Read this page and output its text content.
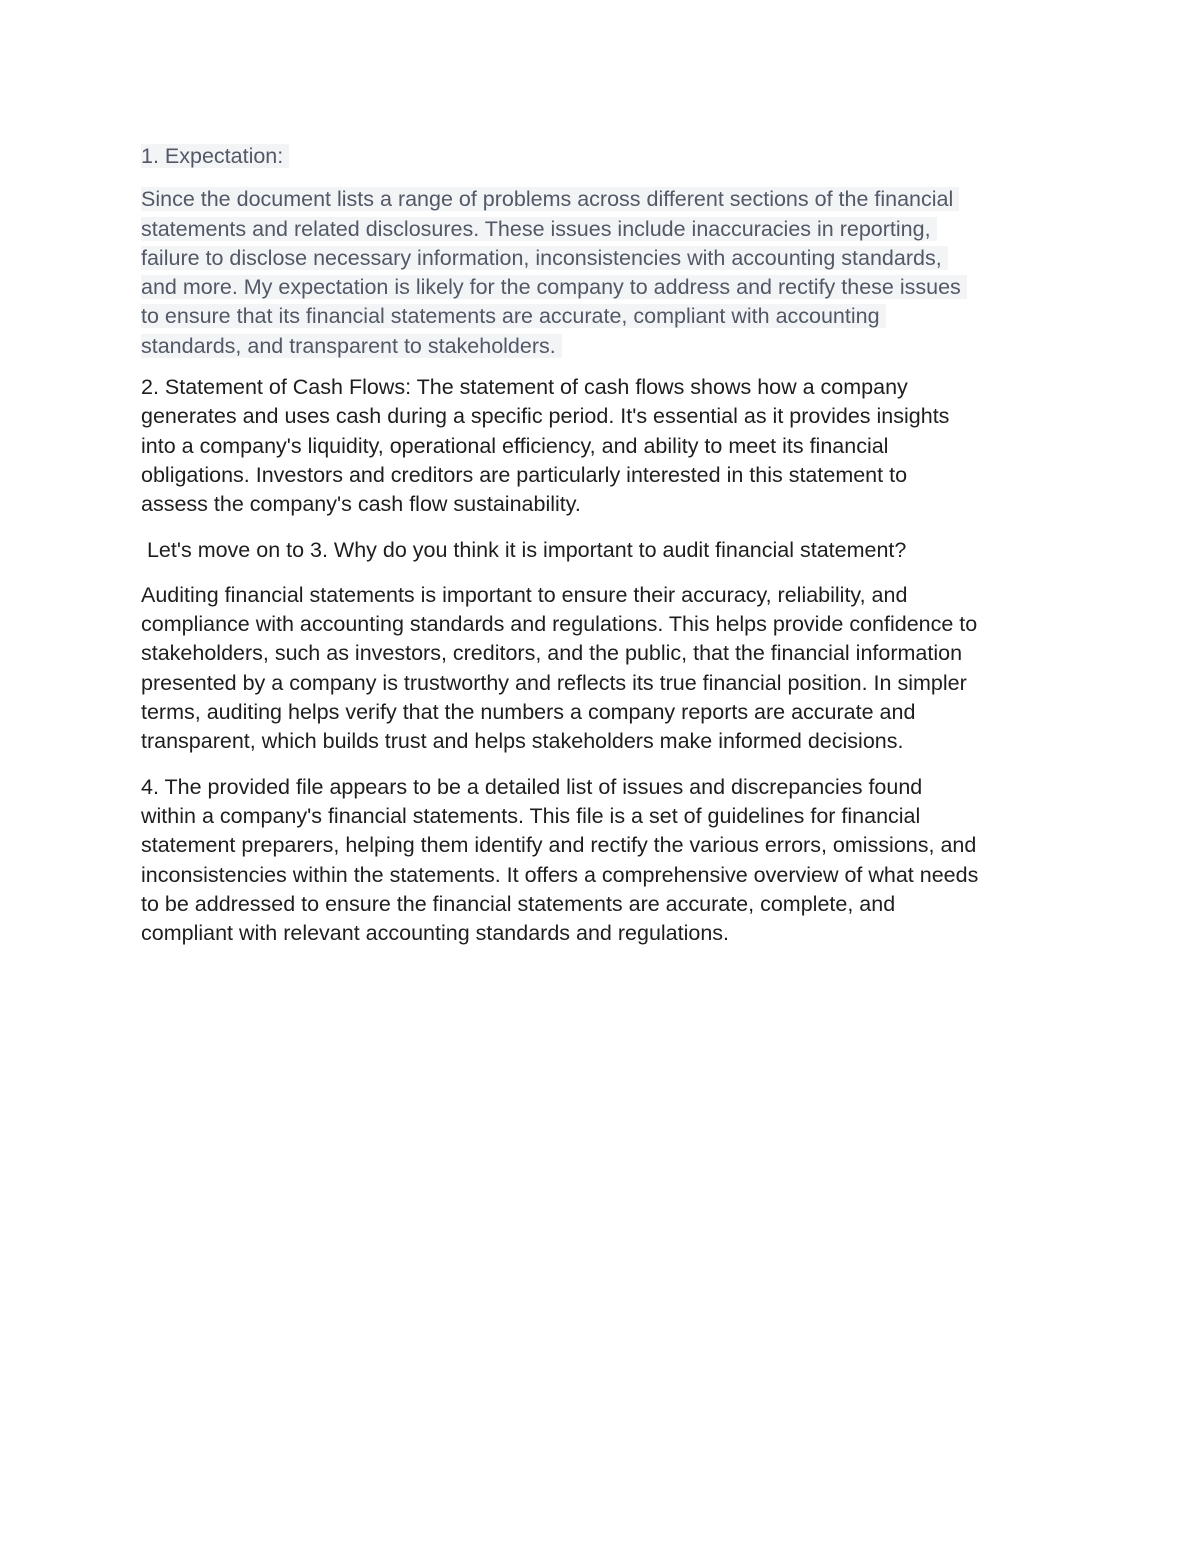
1. Expectation:
Since the document lists a range of problems across different sections of the financial
statements and related disclosures. These issues include inaccuracies in reporting,
failure to disclose necessary information, inconsistencies with accounting standards,
and more. My expectation is likely for the company to address and rectify these issues
to ensure that its financial statements are accurate, compliant with accounting
standards, and transparent to stakeholders.
2. Statement of Cash Flows: The statement of cash flows shows how a company
generates and uses cash during a specific period. It's essential as it provides insights
into a company's liquidity, operational efficiency, and ability to meet its financial
obligations. Investors and creditors are particularly interested in this statement to
assess the company's cash flow sustainability.
Let's move on to 3. Why do you think it is important to audit financial statement?
Auditing financial statements is important to ensure their accuracy, reliability, and
compliance with accounting standards and regulations. This helps provide confidence to
stakeholders, such as investors, creditors, and the public, that the financial information
presented by a company is trustworthy and reflects its true financial position. In simpler
terms, auditing helps verify that the numbers a company reports are accurate and
transparent, which builds trust and helps stakeholders make informed decisions.
4. The provided file appears to be a detailed list of issues and discrepancies found
within a company's financial statements. This file is a set of guidelines for financial
statement preparers, helping them identify and rectify the various errors, omissions, and
inconsistencies within the statements. It offers a comprehensive overview of what needs
to be addressed to ensure the financial statements are accurate, complete, and
compliant with relevant accounting standards and regulations.
